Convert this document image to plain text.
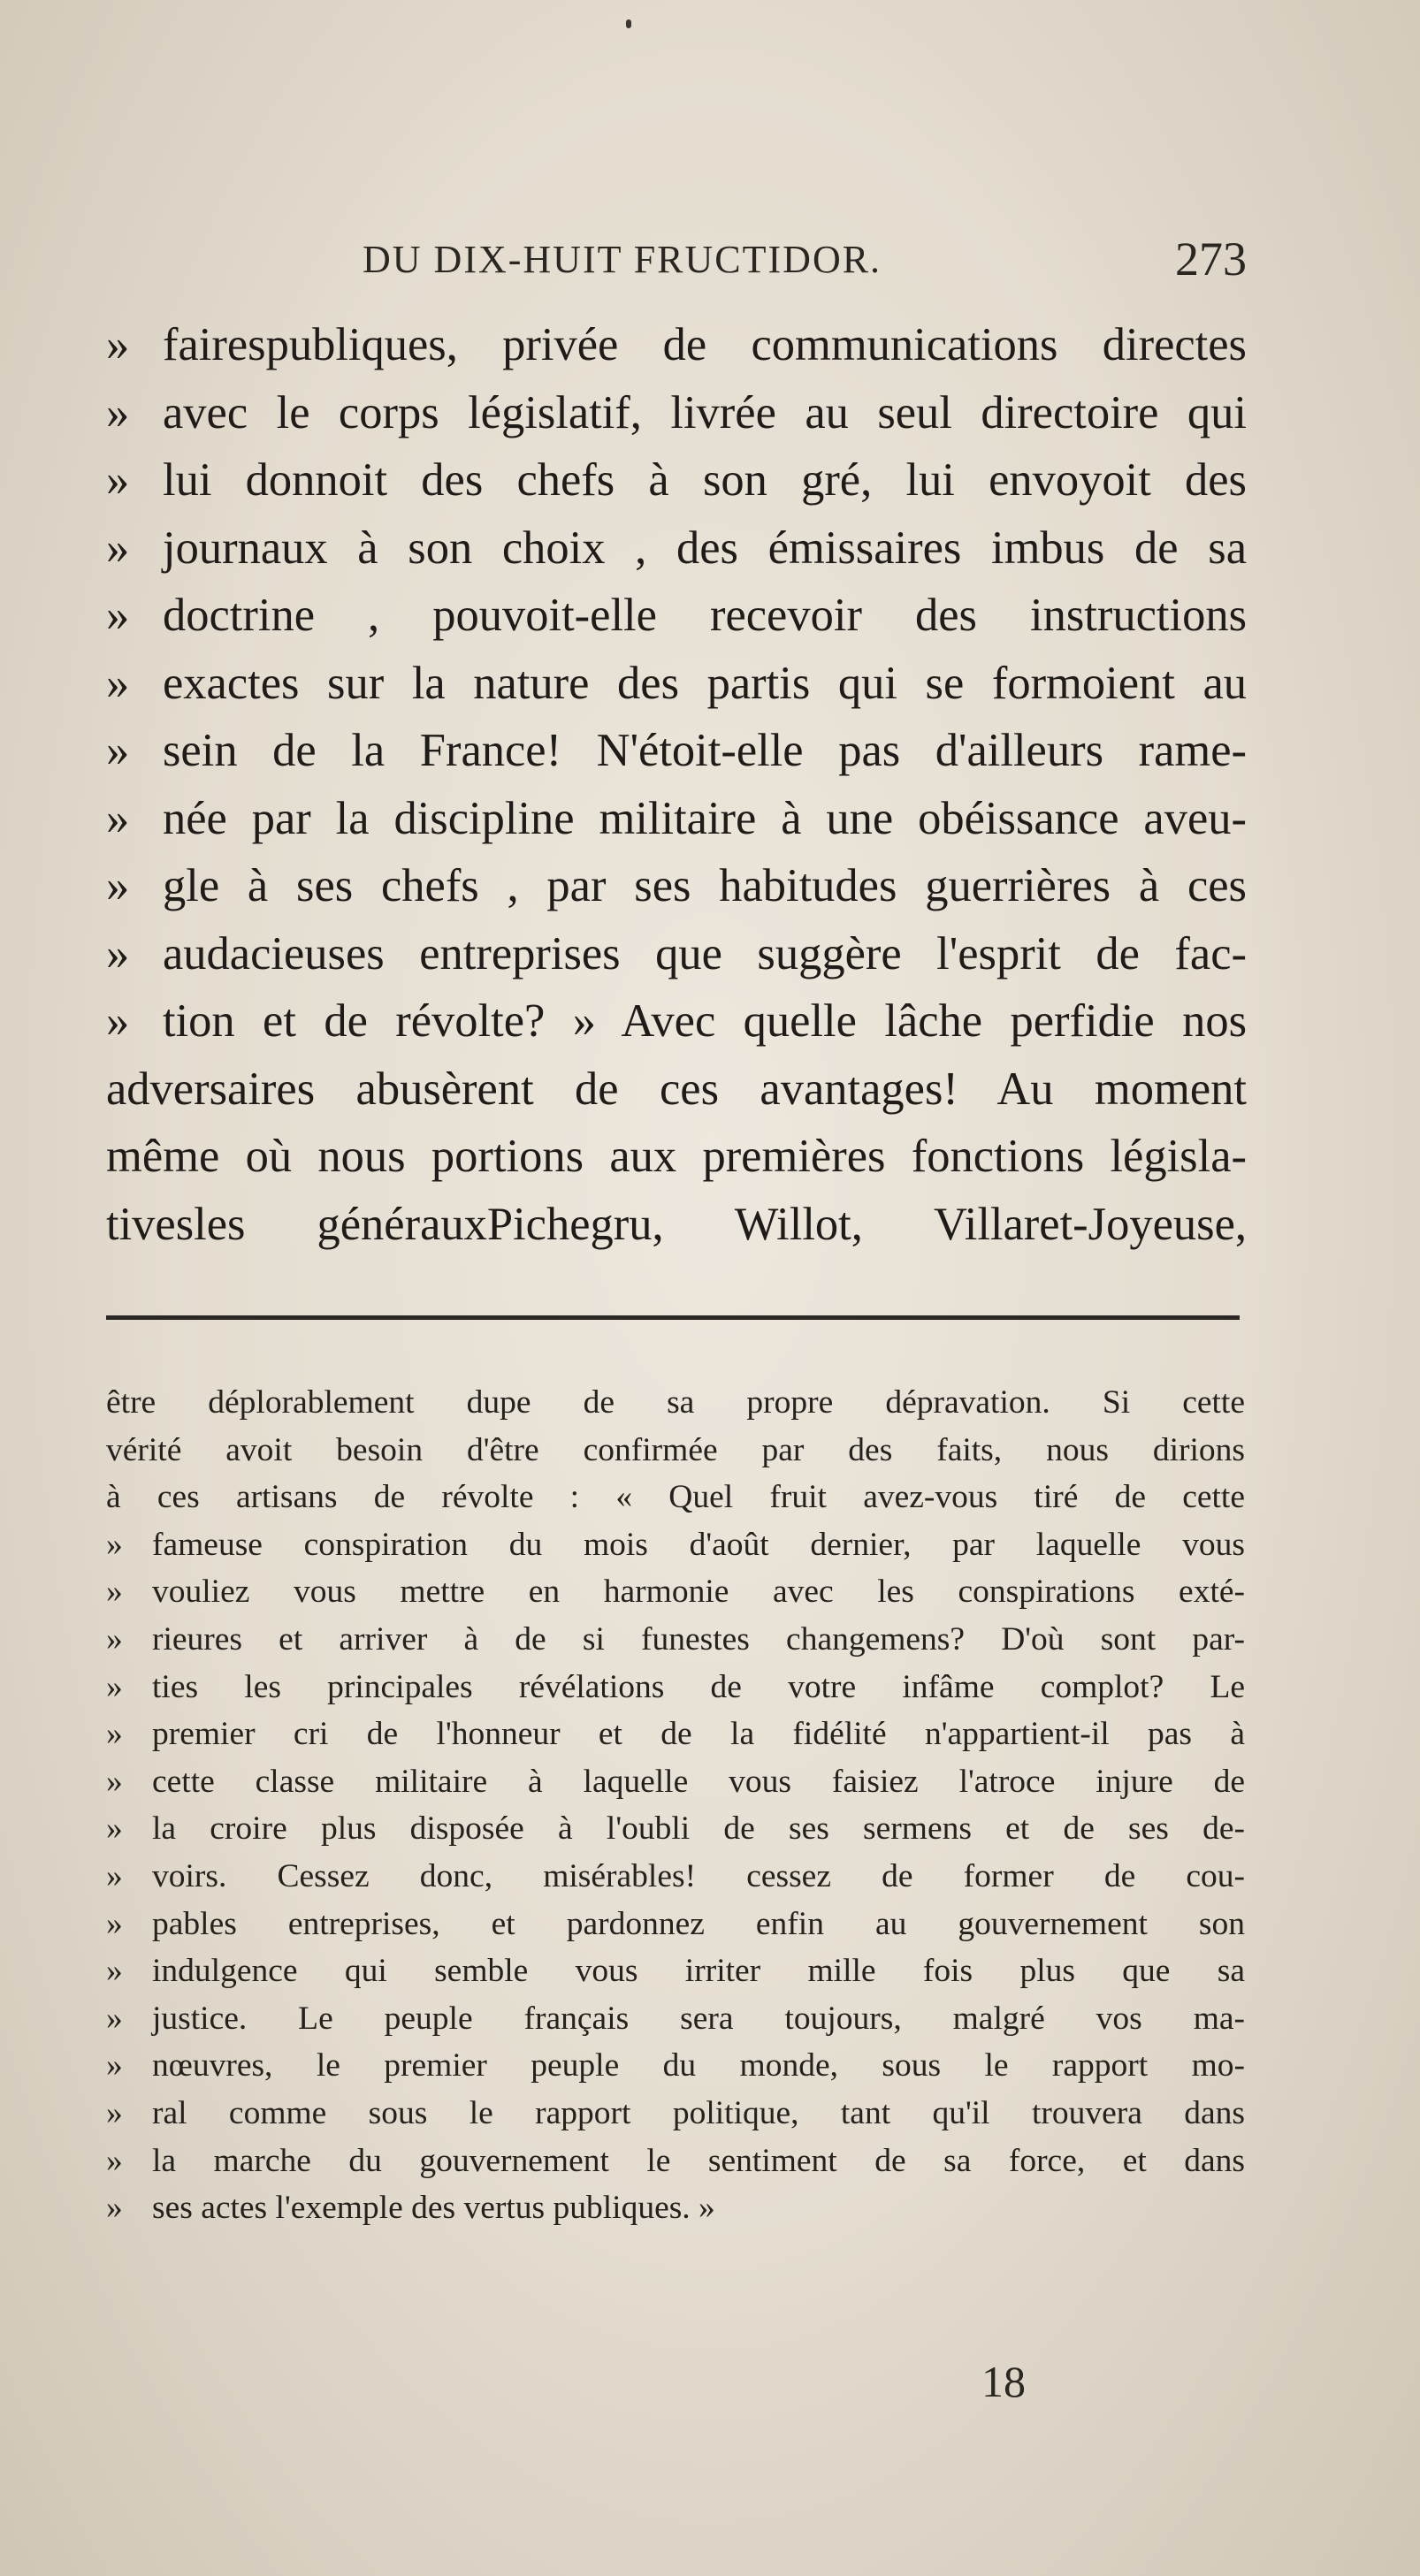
DU DIX-HUIT FRUCTIDOR.	273
» fairespubliques, privée de communications directes
» avec le corps législatif, livrée au seul directoire qui
» lui donnoit des chefs à son gré, lui envoyoit des
» journaux à son choix , des émissaires imbus de sa
» doctrine , pouvoit-elle recevoir des instructions
» exactes sur la nature des partis qui se formoient au
» sein de la France! N'étoit-elle pas d'ailleurs rame-
» née par la discipline militaire à une obéissance aveu-
» gle à ses chefs , par ses habitudes guerrières à ces
» audacieuses entreprises que suggère l'esprit de fac-
» tion et de révolte? » Avec quelle lâche perfidie nos
adversaires abusèrent de ces avantages! Au moment
même où nous portions aux premières fonctions législa-
tivesles générauxPichegru, Willot, Villaret-Joyeuse,
être déplorablement dupe de sa propre dépravation. Si cette
vérité avoit besoin d'être confirmée par des faits, nous dirions
à ces artisans de révolte : « Quel fruit avez-vous tiré de cette
» fameuse conspiration du mois d'août dernier, par laquelle vous
» vouliez vous mettre en harmonie avec les conspirations exté-
» rieures et arriver à de si funestes changemens? D'où sont par-
» ties les principales révélations de votre infâme complot? Le
» premier cri de l'honneur et de la fidélité n'appartient-il pas à
» cette classe militaire à laquelle vous faisiez l'atroce injure de
» la croire plus disposée à l'oubli de ses sermens et de ses de-
» voirs. Cessez donc, misérables! cessez de former de cou-
» pables entreprises, et pardonnez enfin au gouvernement son
» indulgence qui semble vous irriter mille fois plus que sa
» justice. Le peuple français sera toujours, malgré vos ma-
» nœuvres, le premier peuple du monde, sous le rapport mo-
» ral comme sous le rapport politique, tant qu'il trouvera dans
» la marche du gouvernement le sentiment de sa force, et dans
» ses actes l'exemple des vertus publiques. »
18
